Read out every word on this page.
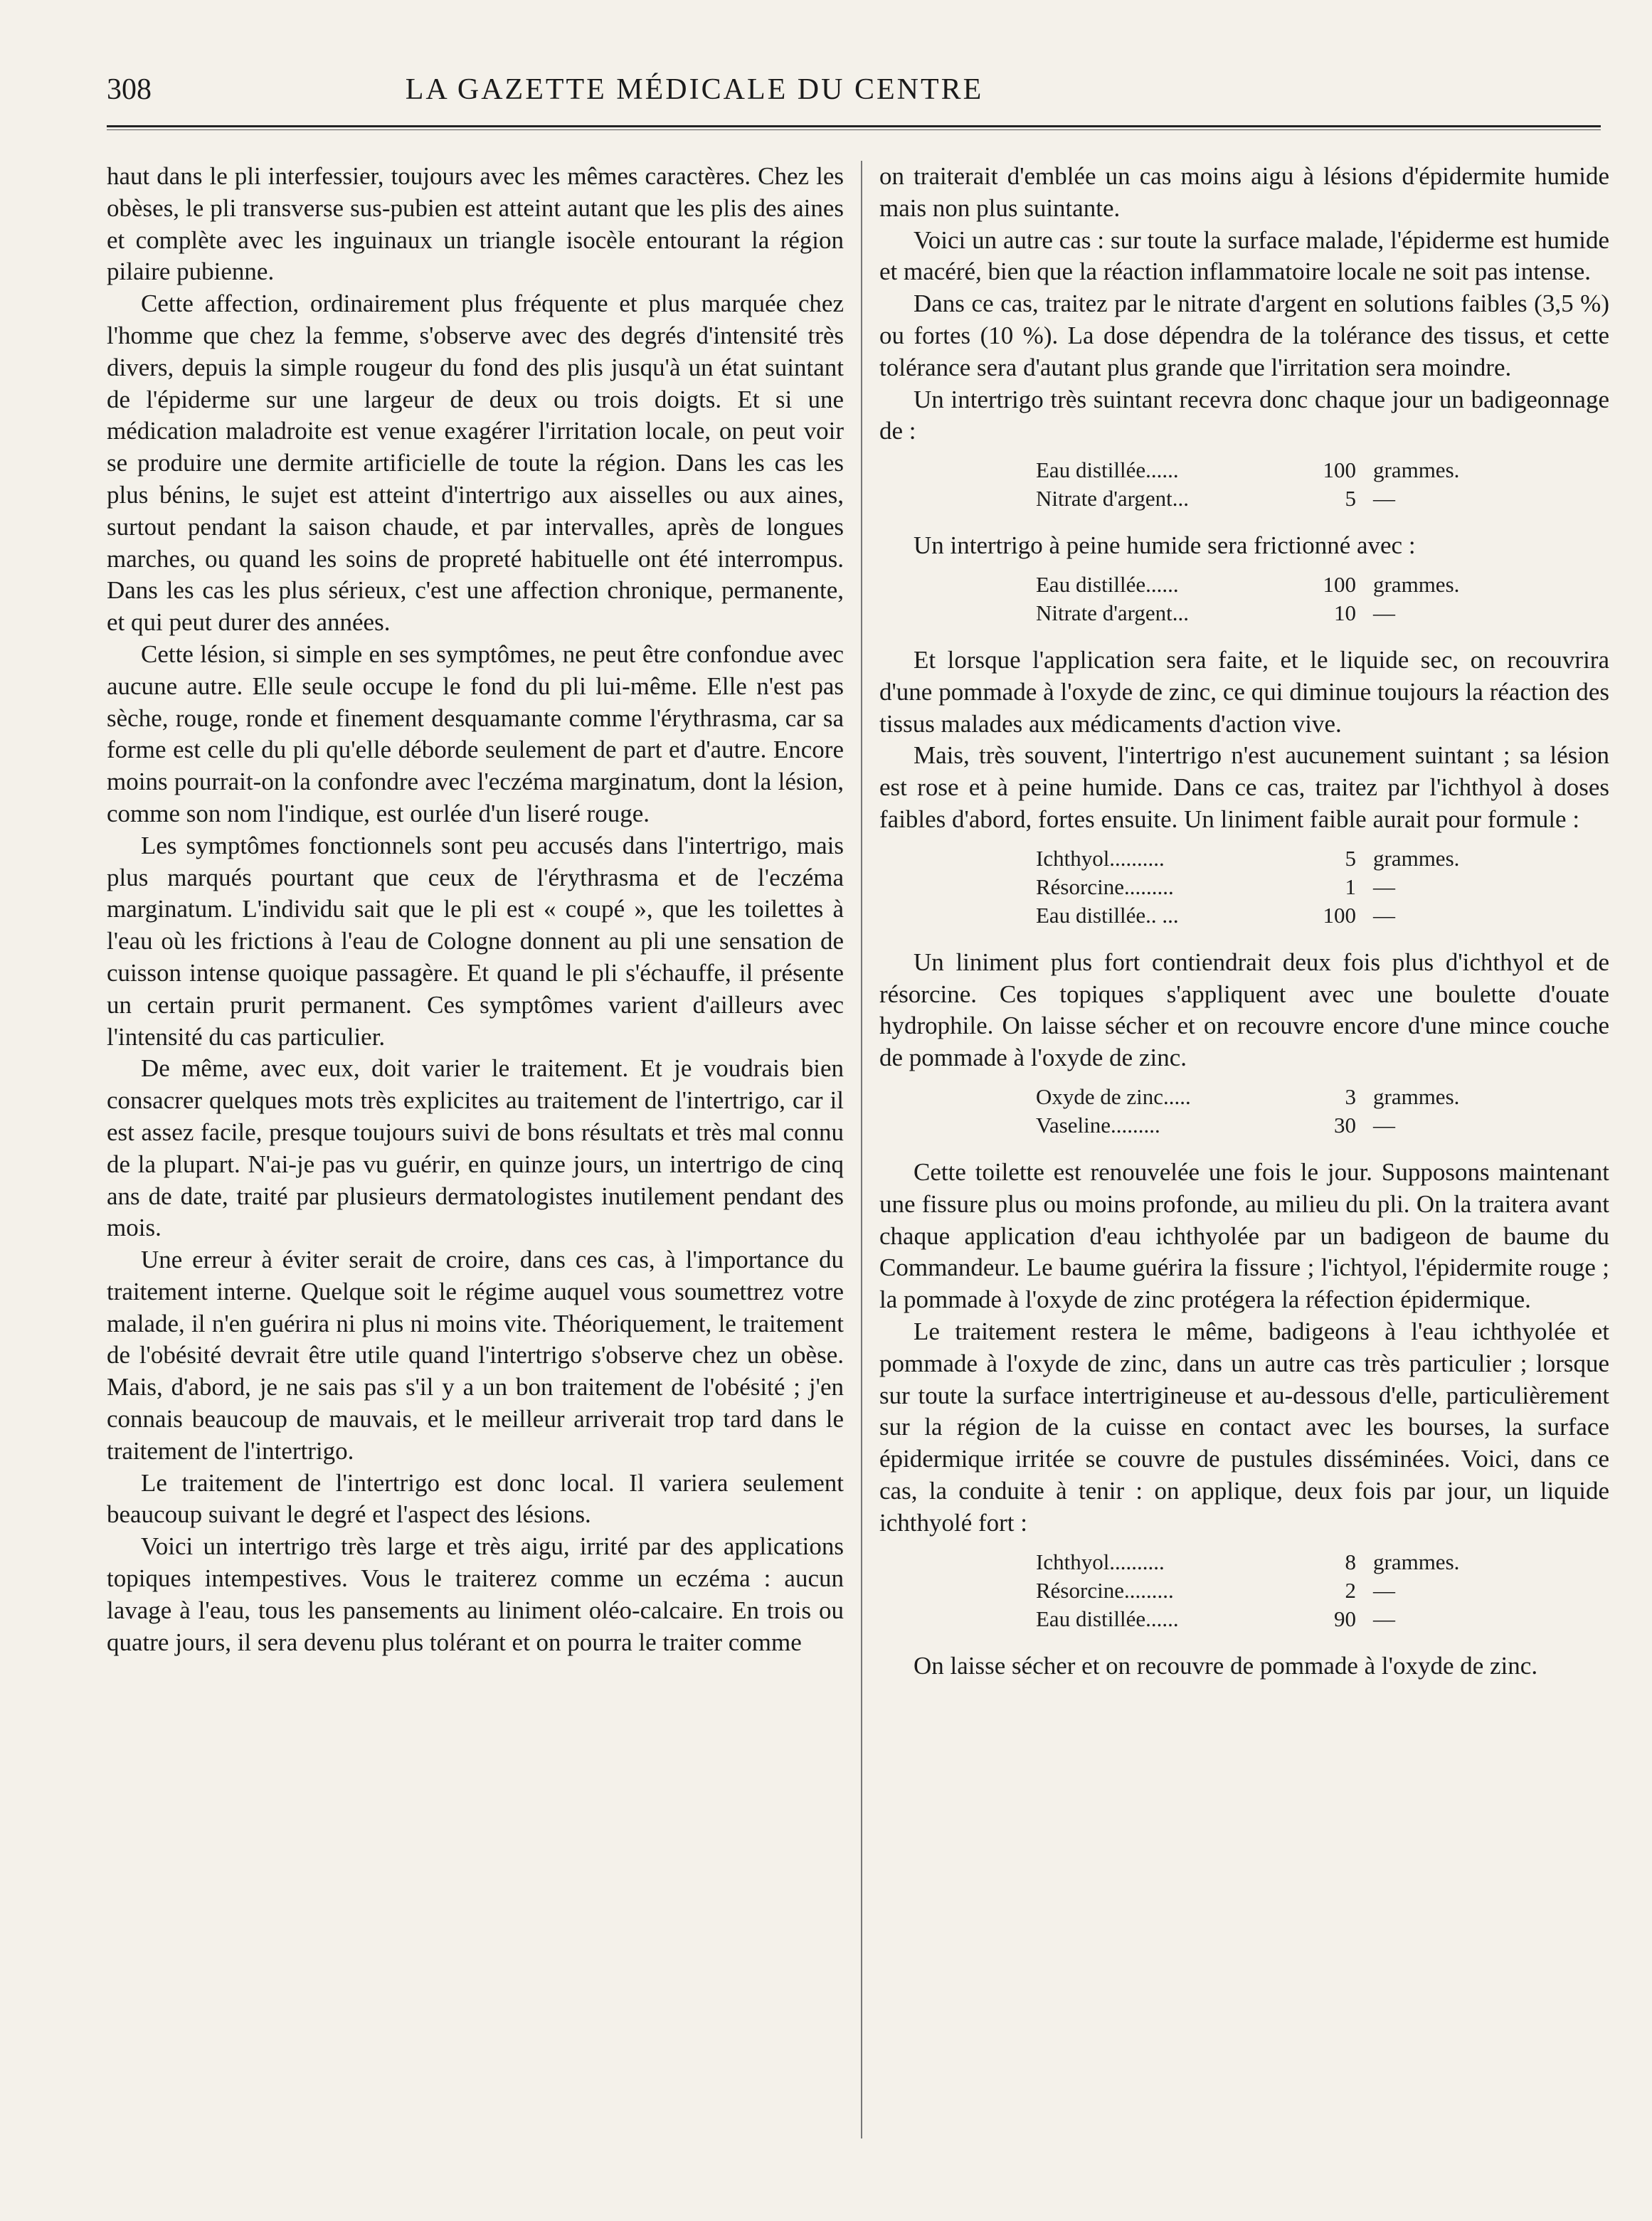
308	LA GAZETTE MÉDICALE DU CENTRE

haut dans le pli interfessier, toujours avec les mêmes caractères. Chez les obèses, le pli transverse sus-pubien est atteint autant que les plis des aines et complète avec les inguinaux un triangle isocèle entourant la région pilaire pubienne.

Cette affection, ordinairement plus fréquente et plus marquée chez l'homme que chez la femme, s'observe avec des degrés d'intensité très divers, depuis la simple rougeur du fond des plis jusqu'à un état suintant de l'épiderme sur une largeur de deux ou trois doigts. Et si une médication maladroite est venue exagérer l'irritation locale, on peut voir se produire une dermite artificielle de toute la région. Dans les cas les plus bénins, le sujet est atteint d'intertrigo aux aisselles ou aux aines, surtout pendant la saison chaude, et par intervalles, après de longues marches, ou quand les soins de propreté habituelle ont été interrompus. Dans les cas les plus sérieux, c'est une affection chronique, permanente, et qui peut durer des années.

Cette lésion, si simple en ses symptômes, ne peut être confondue avec aucune autre. Elle seule occupe le fond du pli lui-même. Elle n'est pas sèche, rouge, ronde et finement desquamante comme l'érythrasma, car sa forme est celle du pli qu'elle déborde seulement de part et d'autre. Encore moins pourrait-on la confondre avec l'eczéma marginatum, dont la lésion, comme son nom l'indique, est ourlée d'un liseré rouge.

Les symptômes fonctionnels sont peu accusés dans l'intertrigo, mais plus marqués pourtant que ceux de l'érythrasma et de l'eczéma marginatum. L'individu sait que le pli est « coupé », que les toilettes à l'eau où les frictions à l'eau de Cologne donnent au pli une sensation de cuisson intense quoique passagère. Et quand le pli s'échauffe, il présente un certain prurit permanent. Ces symptômes varient d'ailleurs avec l'intensité du cas particulier.

De même, avec eux, doit varier le traitement. Et je voudrais bien consacrer quelques mots très explicites au traitement de l'intertrigo, car il est assez facile, presque toujours suivi de bons résultats et très mal connu de la plupart. N'ai-je pas vu guérir, en quinze jours, un intertrigo de cinq ans de date, traité par plusieurs dermatologistes inutilement pendant des mois.

Une erreur à éviter serait de croire, dans ces cas, à l'importance du traitement interne. Quelque soit le régime auquel vous soumettrez votre malade, il n'en guérira ni plus ni moins vite. Théoriquement, le traitement de l'obésité devrait être utile quand l'intertrigo s'observe chez un obèse. Mais, d'abord, je ne sais pas s'il y a un bon traitement de l'obésité ; j'en connais beaucoup de mauvais, et le meilleur arriverait trop tard dans le traitement de l'intertrigo.

Le traitement de l'intertrigo est donc local. Il variera seulement beaucoup suivant le degré et l'aspect des lésions.

Voici un intertrigo très large et très aigu, irrité par des applications topiques intempestives. Vous le traiterez comme un eczéma : aucun lavage à l'eau, tous les pansements au liniment oléo-calcaire. En trois ou quatre jours, il sera devenu plus tolérant et on pourra le traiter comme

on traiterait d'emblée un cas moins aigu à lésions d'épidermite humide mais non plus suintante.

Voici un autre cas : sur toute la surface malade, l'épiderme est humide et macéré, bien que la réaction inflammatoire locale ne soit pas intense.

Dans ce cas, traitez par le nitrate d'argent en solutions faibles (3,5 %) ou fortes (10 %). La dose dépendra de la tolérance des tissus, et cette tolérance sera d'autant plus grande que l'irritation sera moindre.

Un intertrigo très suintant recevra donc chaque jour un badigeonnage de :

Eau distillée......	100 grammes.
Nitrate d'argent...	5 —

Un intertrigo à peine humide sera frictionné avec :

Eau distillée......	100 grammes.
Nitrate d'argent...	10 —

Et lorsque l'application sera faite, et le liquide sec, on recouvrira d'une pommade à l'oxyde de zinc, ce qui diminue toujours la réaction des tissus malades aux médicaments d'action vive.

Mais, très souvent, l'intertrigo n'est aucunement suintant ; sa lésion est rose et à peine humide. Dans ce cas, traitez par l'ichthyol à doses faibles d'abord, fortes ensuite. Un liniment faible aurait pour formule :

Ichthyol..........	5 grammes.
Résorcine.........	1 —
Eau distillée.. ...	100 —

Un liniment plus fort contiendrait deux fois plus d'ichthyol et de résorcine. Ces topiques s'appliquent avec une boulette d'ouate hydrophile. On laisse sécher et on recouvre encore d'une mince couche de pommade à l'oxyde de zinc.

Oxyde de zinc.....	3 grammes.
Vaseline.........	30 —

Cette toilette est renouvelée une fois le jour. Supposons maintenant une fissure plus ou moins profonde, au milieu du pli. On la traitera avant chaque application d'eau ichthyolée par un badigeon de baume du Commandeur. Le baume guérira la fissure ; l'ichtyol, l'épidermite rouge ; la pommade à l'oxyde de zinc protégera la réfection épidermique.

Le traitement restera le même, badigeons à l'eau ichthyolée et pommade à l'oxyde de zinc, dans un autre cas très particulier ; lorsque sur toute la surface intertrigineuse et au-dessous d'elle, particulièrement sur la région de la cuisse en contact avec les bourses, la surface épidermique irritée se couvre de pustules disséminées. Voici, dans ce cas, la conduite à tenir : on applique, deux fois par jour, un liquide ichthyolé fort :

Ichthyol..........	8 grammes.
Résorcine.........	2 —
Eau distillée......	90 —

On laisse sécher et on recouvre de pommade à l'oxyde de zinc.
